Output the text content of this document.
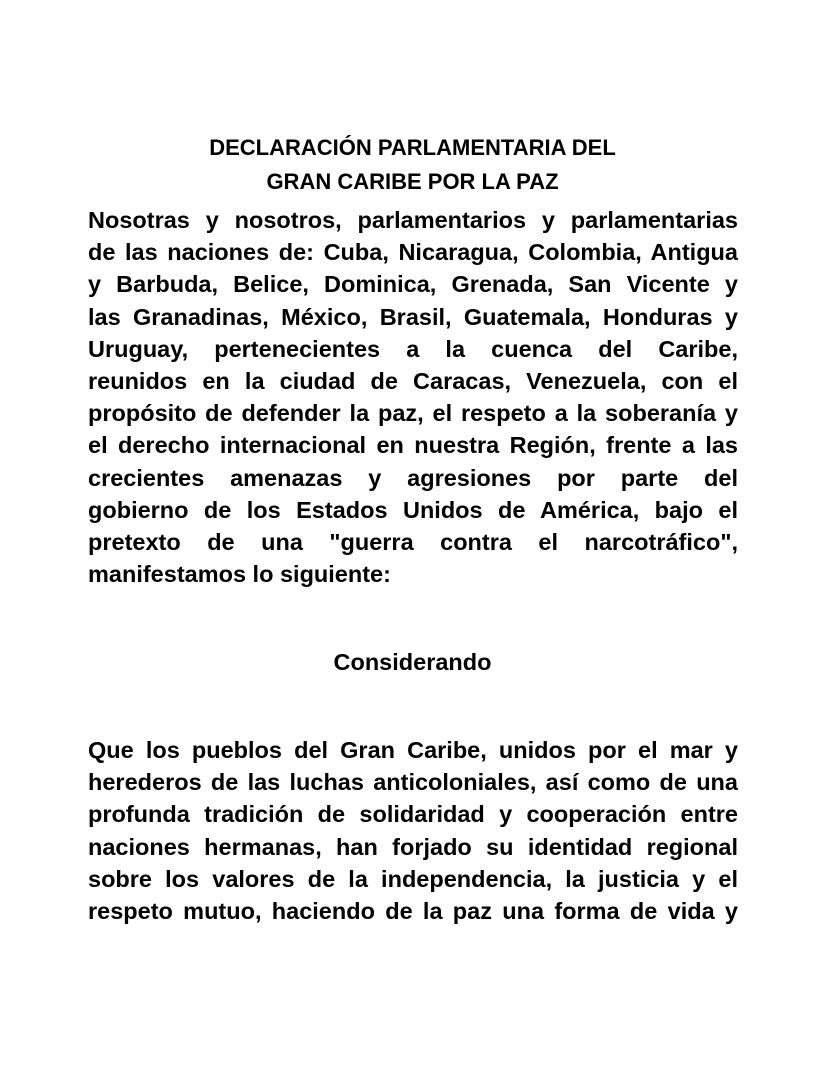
DECLARACIÓN PARLAMENTARIA DEL
GRAN CARIBE POR LA PAZ
Nosotras y nosotros, parlamentarios y parlamentarias
de las naciones de: Cuba, Nicaragua, Colombia, Antigua
y Barbuda, Belice, Dominica, Grenada, San Vicente y
las Granadinas, México, Brasil, Guatemala, Honduras y
Uruguay, pertenecientes a la cuenca del Caribe,
reunidos en la ciudad de Caracas, Venezuela, con el
propósito de defender la paz, el respeto a la soberanía y
el derecho internacional en nuestra Región, frente a las
crecientes amenazas y agresiones por parte del
gobierno de los Estados Unidos de América, bajo el
pretexto de una "guerra contra el narcotráfico",
manifestamos lo siguiente:
Considerando
Que los pueblos del Gran Caribe, unidos por el mar y
herederos de las luchas anticoloniales, así como de una
profunda tradición de solidaridad y cooperación entre
naciones hermanas, han forjado su identidad regional
sobre los valores de la independencia, la justicia y el
respeto mutuo, haciendo de la paz una forma de vida y
